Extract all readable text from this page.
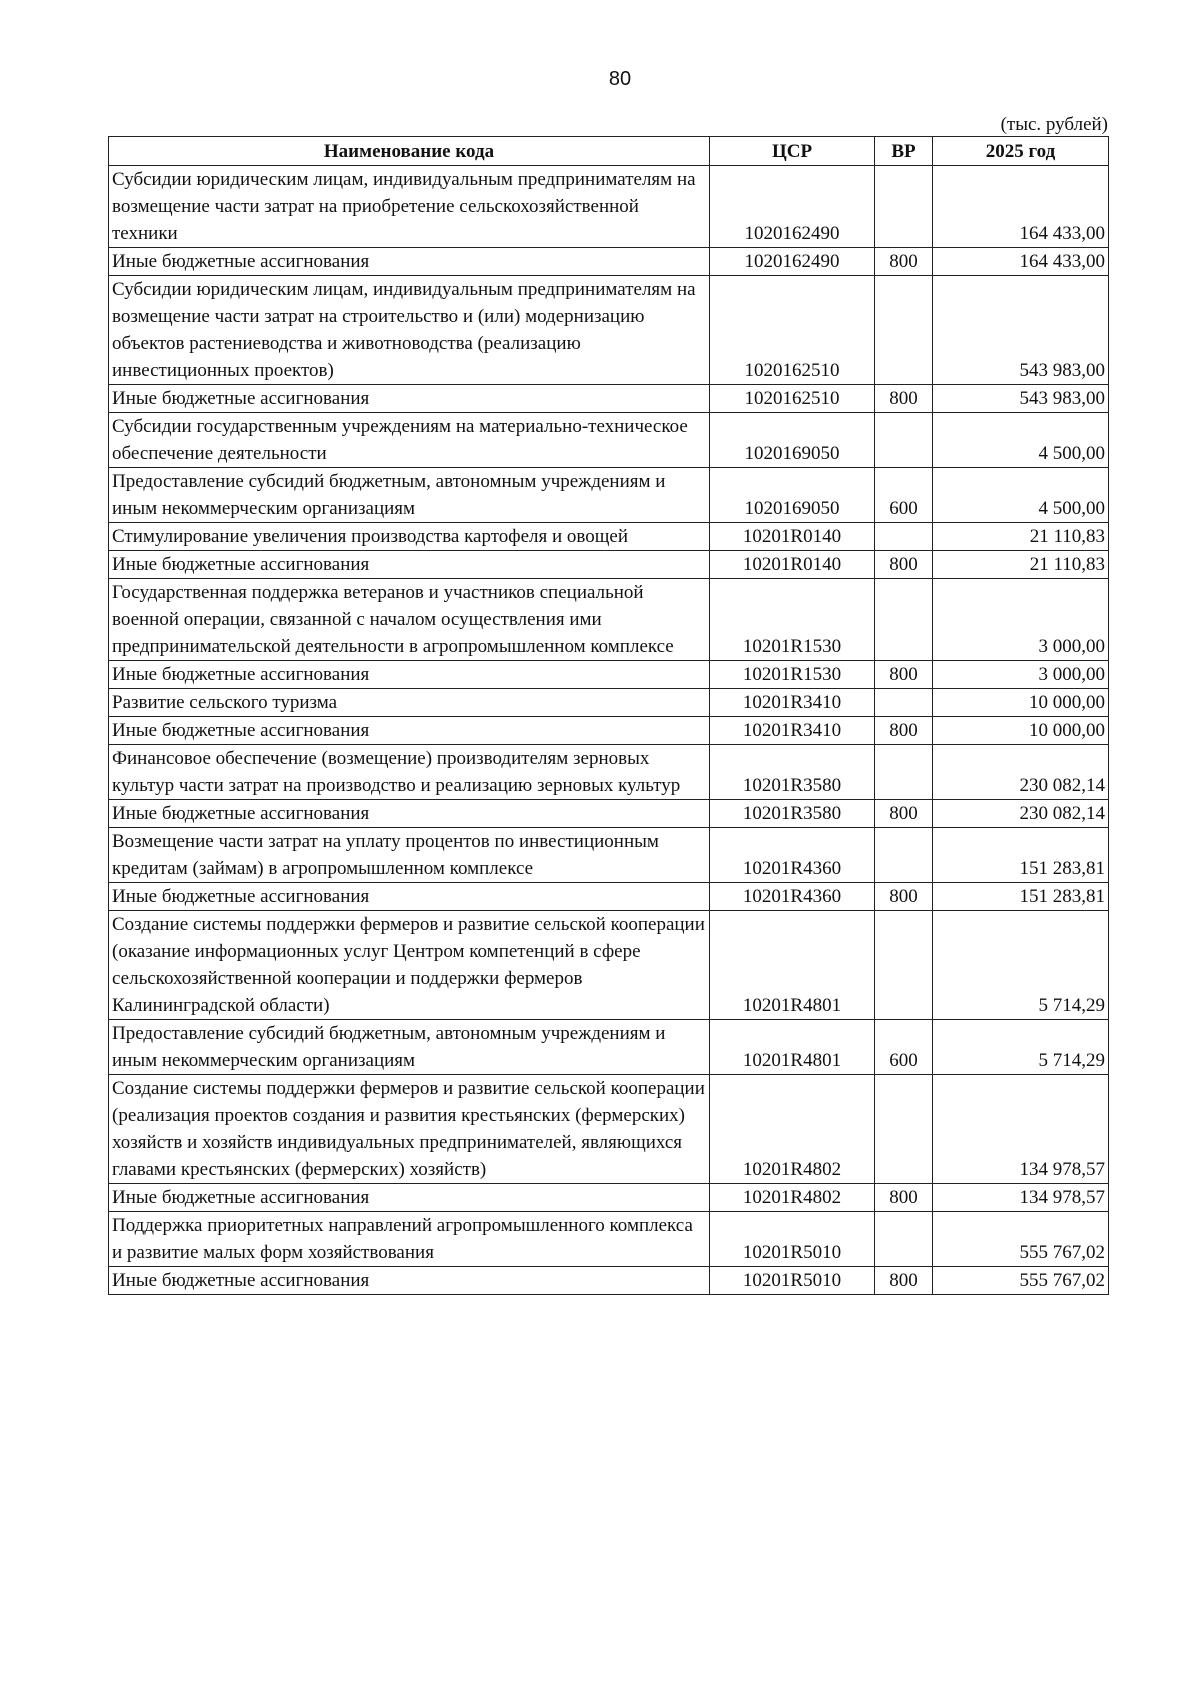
80
(тыс. рублей)
Наименование кода	ЦСР	ВР	2025 год
Субсидии юридическим лицам, индивидуальным предпринимателям на возмещение части затрат на приобретение сельскохозяйственной техники	1020162490		164 433,00
Иные бюджетные ассигнования	1020162490	800	164 433,00
Субсидии юридическим лицам, индивидуальным предпринимателям на возмещение части затрат на строительство и (или) модернизацию объектов растениеводства и животноводства (реализацию инвестиционных проектов)	1020162510		543 983,00
Иные бюджетные ассигнования	1020162510	800	543 983,00
Субсидии государственным учреждениям на материально-техническое обеспечение деятельности	1020169050		4 500,00
Предоставление субсидий бюджетным, автономным учреждениям и иным некоммерческим организациям	1020169050	600	4 500,00
Стимулирование увеличения производства картофеля и овощей	10201R0140		21 110,83
Иные бюджетные ассигнования	10201R0140	800	21 110,83
Государственная поддержка ветеранов и участников специальной военной операции, связанной с началом осуществления ими предпринимательской деятельности в агропромышленном комплексе	10201R1530		3 000,00
Иные бюджетные ассигнования	10201R1530	800	3 000,00
Развитие сельского туризма	10201R3410		10 000,00
Иные бюджетные ассигнования	10201R3410	800	10 000,00
Финансовое обеспечение (возмещение) производителям зерновых культур части затрат на производство и реализацию зерновых культур	10201R3580		230 082,14
Иные бюджетные ассигнования	10201R3580	800	230 082,14
Возмещение части затрат на уплату процентов по инвестиционным кредитам (займам) в агропромышленном комплексе	10201R4360		151 283,81
Иные бюджетные ассигнования	10201R4360	800	151 283,81
Создание системы поддержки фермеров и развитие сельской кооперации (оказание информационных услуг Центром компетенций в сфере сельскохозяйственной кооперации и поддержки фермеров Калининградской области)	10201R4801		5 714,29
Предоставление субсидий бюджетным, автономным учреждениям и иным некоммерческим организациям	10201R4801	600	5 714,29
Создание системы поддержки фермеров и развитие сельской кооперации (реализация проектов создания и развития крестьянских (фермерских) хозяйств и хозяйств индивидуальных предпринимателей, являющихся главами крестьянских (фермерских) хозяйств)	10201R4802		134 978,57
Иные бюджетные ассигнования	10201R4802	800	134 978,57
Поддержка приоритетных направлений агропромышленного комплекса и развитие малых форм хозяйствования	10201R5010		555 767,02
Иные бюджетные ассигнования	10201R5010	800	555 767,02
